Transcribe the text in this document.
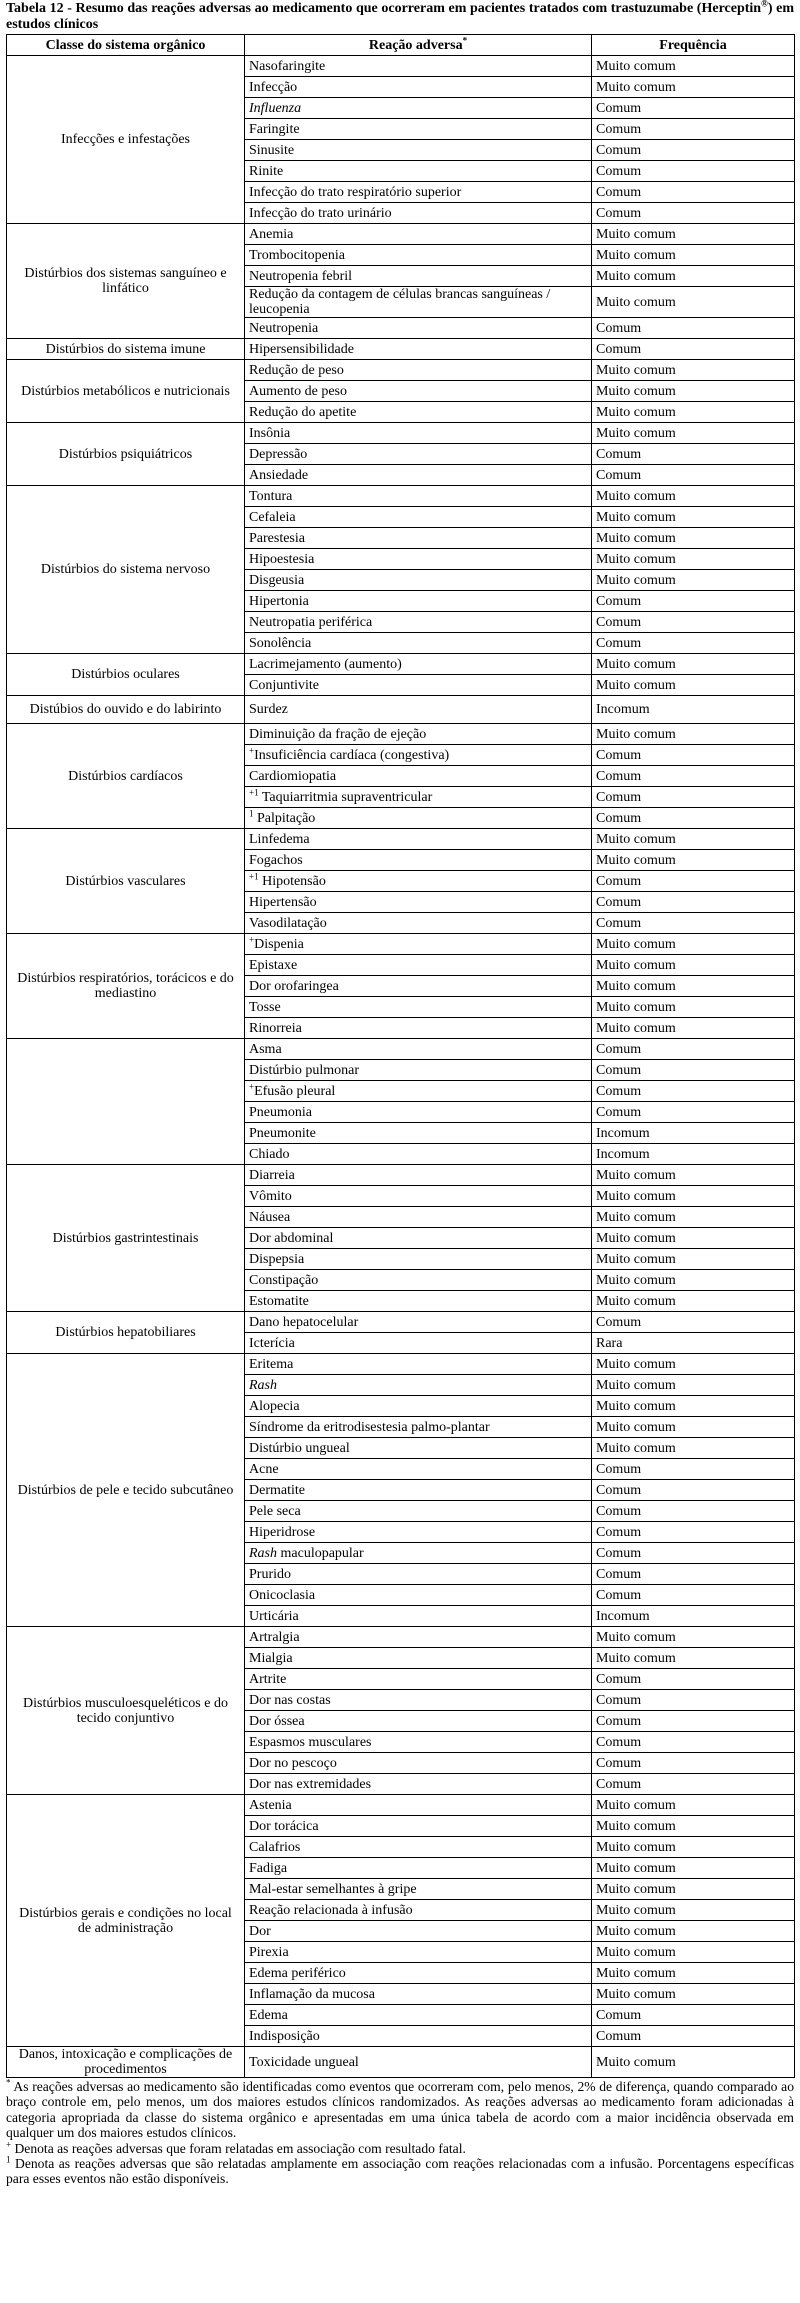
Tabela 12 - Resumo das reações adversas ao medicamento que ocorreram em pacientes tratados com trastuzumabe (Herceptin®) em estudos clínicos
Classe do sistema orgânico	Reação adversa*	Frequência
Infecções e infestações	Nasofaringite	Muito comum
	Infecção	Muito comum
	Influenza	Comum
	Faringite	Comum
	Sinusite	Comum
	Rinite	Comum
	Infecção do trato respiratório superior	Comum
	Infecção do trato urinário	Comum
Distúrbios dos sistemas sanguíneo e linfático	Anemia	Muito comum
	Trombocitopenia	Muito comum
	Neutropenia febril	Muito comum
	Redução da contagem de células brancas sanguíneas / leucopenia	Muito comum
	Neutropenia	Comum
Distúrbios do sistema imune	Hipersensibilidade	Comum
Distúrbios metabólicos e nutricionais	Redução de peso	Muito comum
	Aumento de peso	Muito comum
	Redução do apetite	Muito comum
Distúrbios psiquiátricos	Insônia	Muito comum
	Depressão	Comum
	Ansiedade	Comum
Distúrbios do sistema nervoso	Tontura	Muito comum
	Cefaleia	Muito comum
	Parestesia	Muito comum
	Hipoestesia	Muito comum
	Disgeusia	Muito comum
	Hipertonia	Comum
	Neutropatia periférica	Comum
	Sonolência	Comum
Distúrbios oculares	Lacrimejamento (aumento)	Muito comum
	Conjuntivite	Muito comum
Distúbios do ouvido e do labirinto	Surdez	Incomum
Distúrbios cardíacos	Diminuição da fração de ejeção	Muito comum
	+Insuficiência cardíaca (congestiva)	Comum
	Cardiomiopatia	Comum
	$^{+1}$ Taquiarritmia supraventricular	Comum
	$^1$ Palpitação	Comum
Distúrbios vasculares	Linfedema	Muito comum
	Fogachos	Muito comum
	$^{+1}$ Hipotensão	Comum
	Hipertensão	Comum
	Vasodilatação	Comum
Distúrbios respiratórios, torácicos e do mediastino	+Dispenia	Muito comum
	Epistaxe	Muito comum
	Dor orofaringea	Muito comum
	Tosse	Muito comum
	Rinorreia	Muito comum
	Asma	Comum
	Distúrbio pulmonar	Comum
	+Efusão pleural	Comum
	Pneumonia	Comum
	Pneumonite	Incomum
	Chiado	Incomum
Distúrbios gastrintestinais	Diarreia	Muito comum
	Vômito	Muito comum
	Náusea	Muito comum
	Dor abdominal	Muito comum
	Dispepsia	Muito comum
	Constipação	Muito comum
	Estomatite	Muito comum
Distúrbios hepatobiliares	Dano hepatocelular	Comum
	Icterícia	Rara
Distúrbios de pele e tecido subcutâneo	Eritema	Muito comum
	Rash	Muito comum
	Alopecia	Muito comum
	Síndrome da eritrodisestesia palmo-plantar	Muito comum
	Distúrbio ungueal	Muito comum
	Acne	Comum
	Dermatite	Comum
	Pele seca	Comum
	Hiperidrose	Comum
	Rash maculopapular	Comum
	Prurido	Comum
	Onicoclasia	Comum
	Urticária	Incomum
Distúrbios musculoesqueléticos e do tecido conjuntivo	Artralgia	Muito comum
	Mialgia	Muito comum
	Artrite	Comum
	Dor nas costas	Comum
	Dor óssea	Comum
	Espasmos musculares	Comum
	Dor no pescoço	Comum
	Dor nas extremidades	Comum
Distúrbios gerais e condições no local de administração	Astenia	Muito comum
	Dor torácica	Muito comum
	Calafrios	Muito comum
	Fadiga	Muito comum
	Mal-estar semelhantes à gripe	Muito comum
	Reação relacionada à infusão	Muito comum
	Dor	Muito comum
	Pirexia	Muito comum
	Edema periférico	Muito comum
	Inflamação da mucosa	Muito comum
	Edema	Comum
	Indisposição	Comum
Danos, intoxicação e complicações de procedimentos	Toxicidade ungueal	Muito comum

* As reações adversas ao medicamento são identificadas como eventos que ocorreram com, pelo menos, 2% de diferença, quando comparado ao braço controle em, pelo menos, um dos maiores estudos clínicos randomizados. As reações adversas ao medicamento foram adicionadas à categoria apropriada da classe do sistema orgânico e apresentadas em uma única tabela de acordo com a maior incidência observada em qualquer um dos maiores estudos clínicos.

+ Denota as reações adversas que foram relatadas em associação com resultado fatal.

$^1$ Denota as reações adversas que são relatadas amplamente em associação com reações relacionadas com a infusão. Porcentagens específicas para esses eventos não estão disponíveis.
